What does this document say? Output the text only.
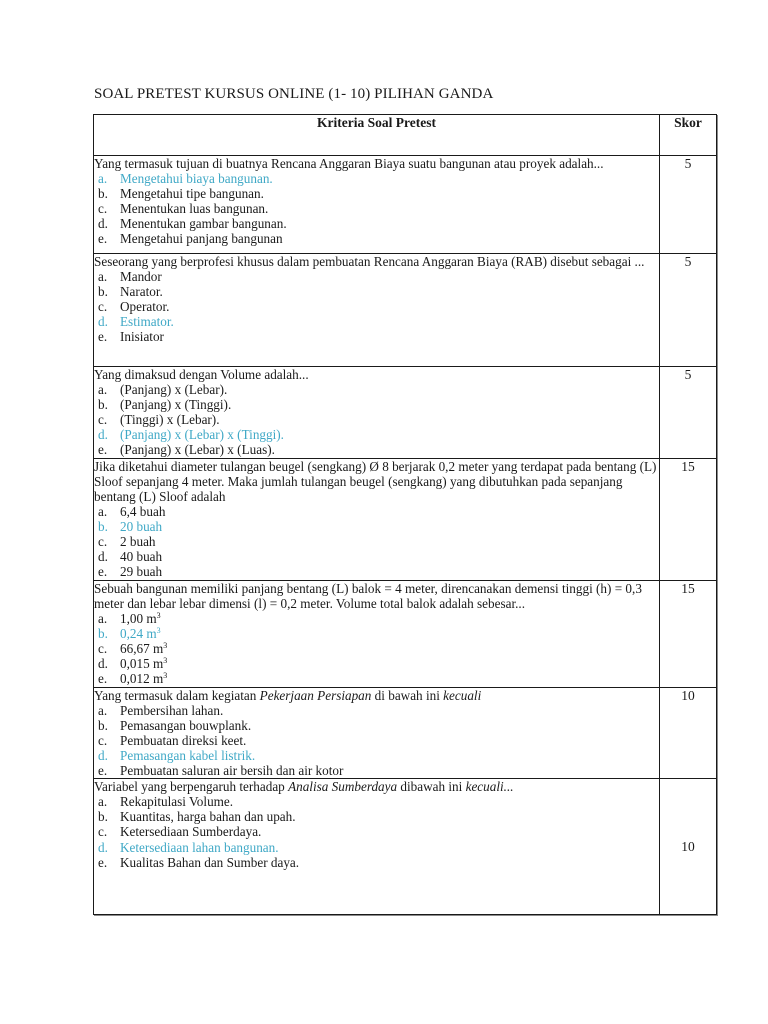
SOAL PRETEST KURSUS ONLINE (1- 10) PILIHAN GANDA
Kriteria Soal Pretest	Skor

Yang termasuk tujuan di buatnya Rencana Anggaran Biaya suatu bangunan atau proyek adalah...
a. Mengetahui biaya bangunan.
b. Mengetahui tipe bangunan.
c. Menentukan luas bangunan.
d. Menentukan gambar bangunan.
e. Mengetahui panjang bangunan
	5

Seseorang yang berprofesi khusus dalam pembuatan Rencana Anggaran Biaya (RAB) disebut sebagai ...
a. Mandor
b. Narator.
c. Operator.
d. Estimator.
e. Inisiator
	5

Yang dimaksud dengan Volume adalah...
a. (Panjang) x (Lebar).
b. (Panjang) x (Tinggi).
c. (Tinggi) x (Lebar).
d. (Panjang) x (Lebar) x (Tinggi).
e. (Panjang) x (Lebar) x (Luas).
	5

Jika diketahui diameter tulangan beugel (sengkang) Ø 8 berjarak 0,2 meter yang terdapat pada bentang (L) Sloof sepanjang 4 meter. Maka jumlah tulangan beugel (sengkang) yang dibutuhkan pada sepanjang bentang (L) Sloof adalah
a. 6,4 buah
b. 20 buah
c. 2 buah
d. 40 buah
e. 29 buah
	15

Sebuah bangunan memiliki panjang bentang (L) balok = 4 meter, direncanakan demensi tinggi (h) = 0,3 meter dan lebar lebar dimensi (l) = 0,2 meter. Volume total balok adalah sebesar...
a. 1,00 $m^3$
b. 0,24 $m^3$
c. 66,67 $m^3$
d. 0,015 $m^3$
e. 0,012 $m^3$
	15

Yang termasuk dalam kegiatan Pekerjaan Persiapan di bawah ini kecuali
a. Pembersihan lahan.
b. Pemasangan bouwplank.
c. Pembuatan direksi keet.
d. Pemasangan kabel listrik.
e. Pembuatan saluran air bersih dan air kotor
	10

Variabel yang berpengaruh terhadap Analisa Sumberdaya dibawah ini kecuali...
a. Rekapitulasi Volume.
b. Kuantitas, harga bahan dan upah.
c. Ketersediaan Sumberdaya.
d. Ketersediaan lahan bangunan.
e. Kualitas Bahan dan Sumber daya.
	10
